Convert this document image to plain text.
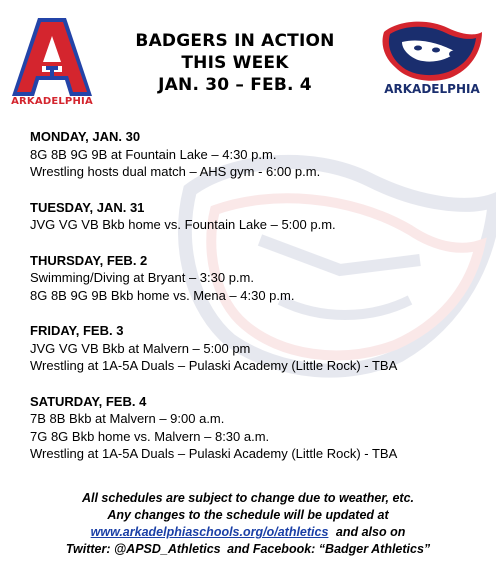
ARKADELPHIA
BADGERS IN ACTION
THIS WEEK
JAN. 30 – FEB. 4	ARKADELPHIA
MONDAY, JAN. 30
8G 8B 9G 9B at Fountain Lake – 4:30 p.m.
Wrestling hosts dual match – AHS gym - 6:00 p.m.
TUESDAY, JAN. 31
JVG VG VB Bkb home vs. Fountain Lake – 5:00 p.m.
THURSDAY, FEB. 2
Swimming/Diving at Bryant – 3:30 p.m.
8G 8B 9G 9B Bkb home vs. Mena – 4:30 p.m.
FRIDAY, FEB. 3
JVG VG VB Bkb at Malvern – 5:00 pm
Wrestling at 1A-5A Duals – Pulaski Academy (Little Rock) - TBA
SATURDAY, FEB. 4
7B 8B Bkb at Malvern – 9:00 a.m.
7G 8G Bkb home vs. Malvern – 8:30 a.m.
Wrestling at 1A-5A Duals – Pulaski Academy (Little Rock) - TBA
All schedules are subject to change due to weather, etc.
Any changes to the schedule will be updated at
www.arkadelphiaschools.org/o/athletics and also on
Twitter: @APSD_Athletics and Facebook: “Badger Athletics”
